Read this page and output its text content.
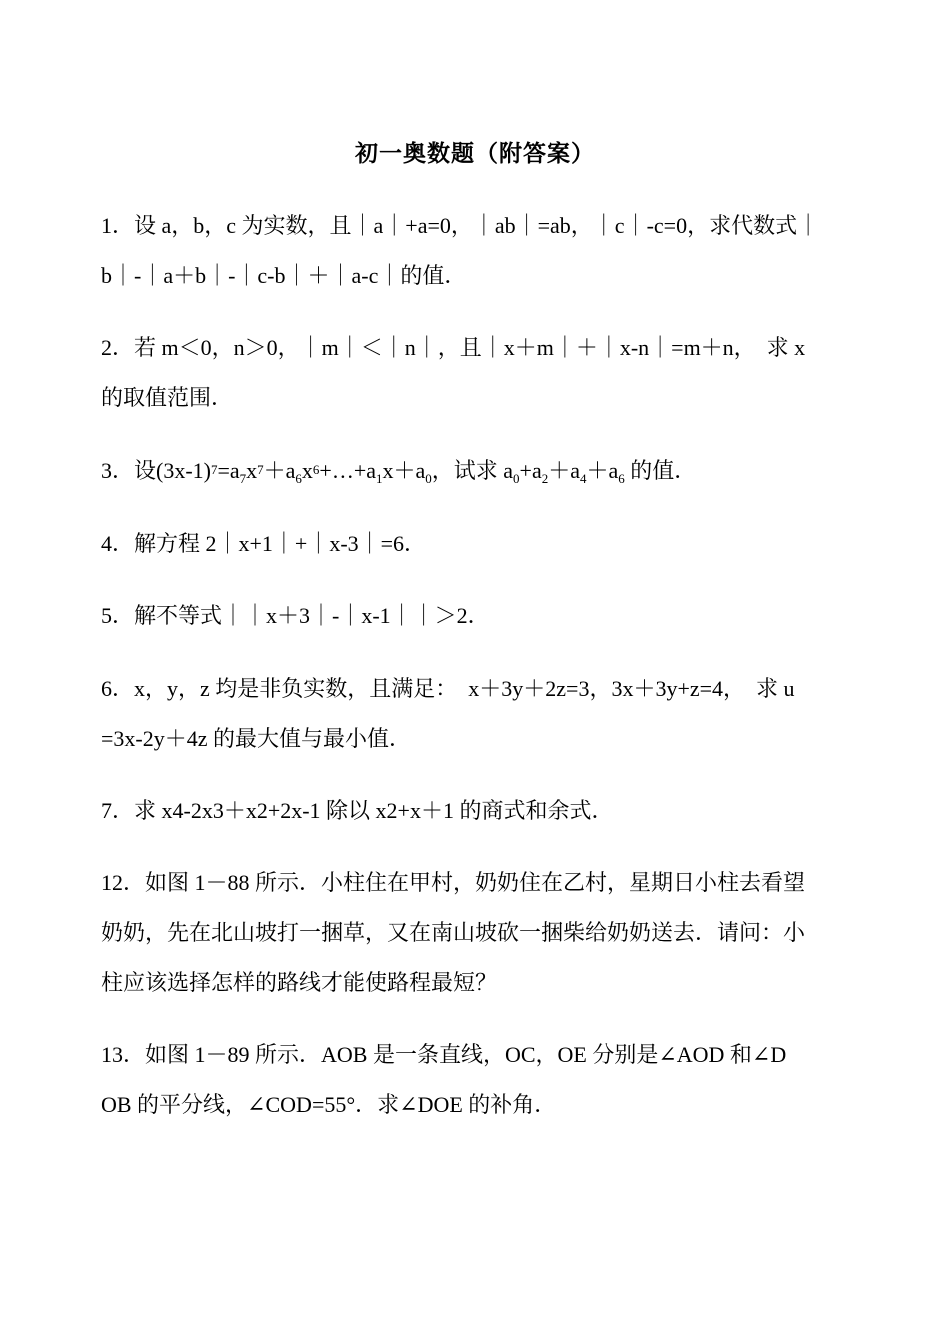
初一奥数题（附答案）
1．设 a，b，c 为实数，且｜a｜+a=0，｜ab｜=ab，｜c｜-c=0，求代数式｜
b｜-｜a＋b｜-｜c-b｜＋｜a-c｜的值．
2．若 m＜0，n＞0，｜m｜＜｜n｜，且｜x＋m｜＋｜x-n｜=m＋n，　求 x
的取值范围．
3．设$(3x-1)^7=a_7x^7+a_6x^6+\dots+a_1x+a_0$，试求 $a_0+a_2+a_4+a_6$ 的值．
4．解方程 2｜x+1｜+｜x-3｜=6．
5．解不等式｜｜x＋3｜-｜x-1｜｜＞2．
6．x，y，z 均是非负实数，且满足：　x＋3y＋2z=3，3x＋3y+z=4，　求 u
=3x-2y＋4z 的最大值与最小值．
7．求 x4-2x3＋x2+2x-1 除以 x2+x＋1 的商式和余式．
12．如图 1－88 所示．小柱住在甲村，奶奶住在乙村，星期日小柱去看望
奶奶，先在北山坡打一捆草，又在南山坡砍一捆柴给奶奶送去．请问：小
柱应该选择怎样的路线才能使路程最短？
13．如图 1－89 所示．AOB 是一条直线，OC，OE 分别是∠AOD 和∠D
OB 的平分线，∠COD=55°．求∠DOE 的补角．
